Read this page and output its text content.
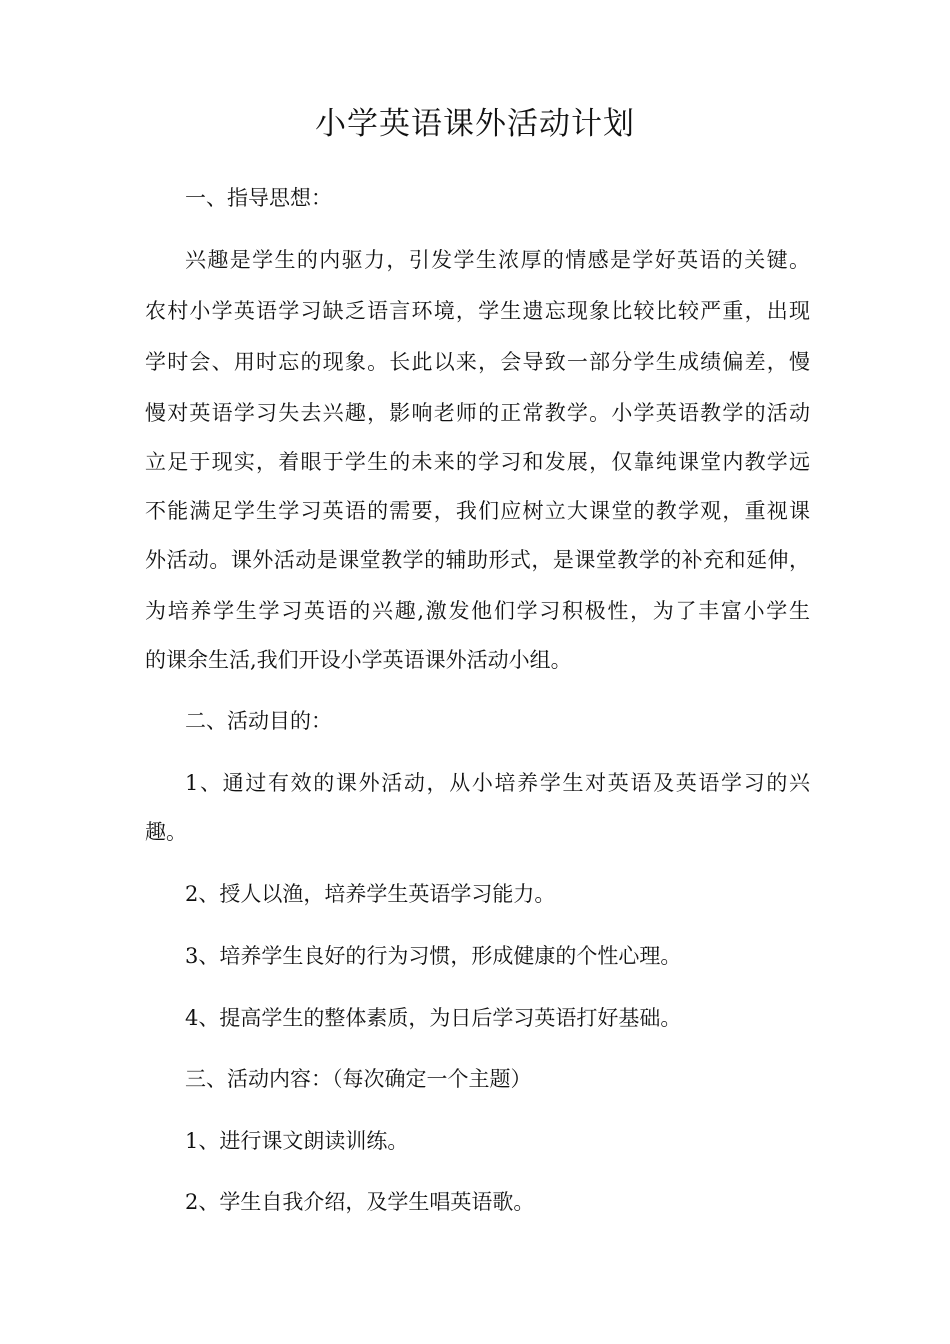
小学英语课外活动计划

一、指导思想：

兴趣是学生的内驱力，引发学生浓厚的情感是学好英语的关键。

农村小学英语学习缺乏语言环境，学生遗忘现象比较比较严重，出现

学时会、用时忘的现象。长此以来，会导致一部分学生成绩偏差，慢

慢对英语学习失去兴趣，影响老师的正常教学。小学英语教学的活动

立足于现实，着眼于学生的未来的学习和发展，仅靠纯课堂内教学远

不能满足学生学习英语的需要，我们应树立大课堂的教学观，重视课

外活动。课外活动是课堂教学的辅助形式，是课堂教学的补充和延伸，

为培养学生学习英语的兴趣,激发他们学习积极性，为了丰富小学生

的课余生活,我们开设小学英语课外活动小组。

二、活动目的：

1、通过有效的课外活动，从小培养学生对英语及英语学习的兴

趣。

2、授人以渔，培养学生英语学习能力。

3、培养学生良好的行为习惯，形成健康的个性心理。

4、提高学生的整体素质，为日后学习英语打好基础。

三、活动内容：（每次确定一个主题）

1、进行课文朗读训练。

2、学生自我介绍，及学生唱英语歌。
